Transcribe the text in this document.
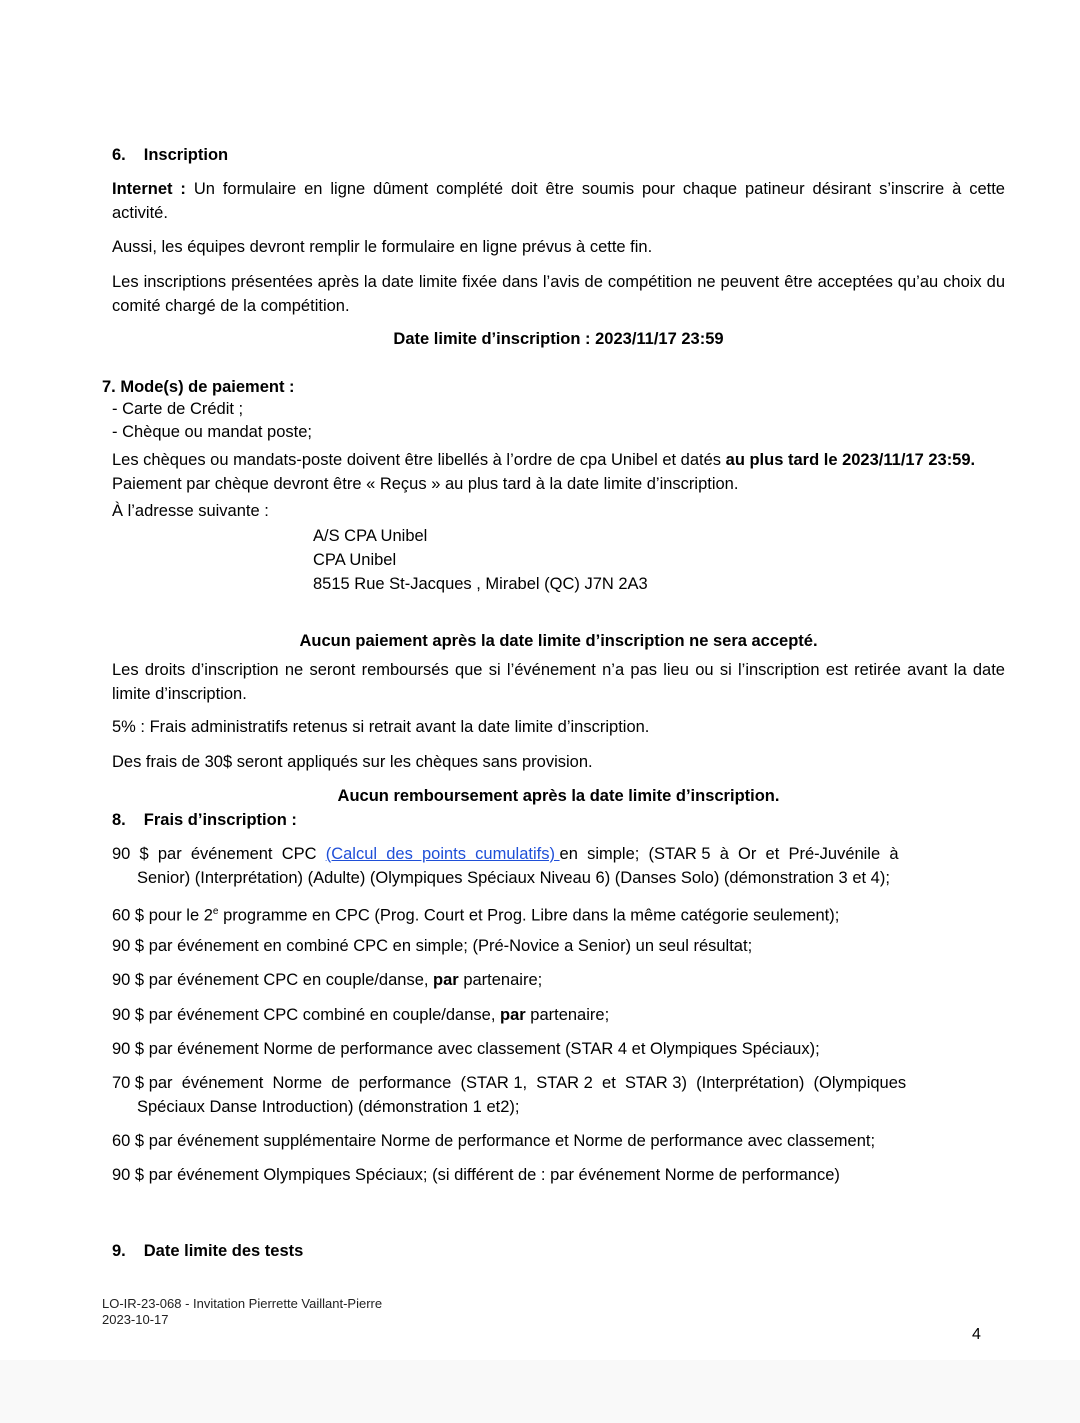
6. Inscription
Internet : Un formulaire en ligne dûment complété doit être soumis pour chaque patineur désirant s’inscrire à cette activité.
Aussi, les équipes devront remplir le formulaire en ligne prévus à cette fin.
Les inscriptions présentées après la date limite fixée dans l’avis de compétition ne peuvent être acceptées qu’au choix du comité chargé de la compétition.
Date limite d’inscription : 2023/11/17 23:59
7. Mode(s) de paiement :
- Carte de Crédit ;
- Chèque ou mandat poste;
Les chèques ou mandats-poste doivent être libellés à l’ordre de cpa Unibel et datés au plus tard le 2023/11/17 23:59. Paiement par chèque devront être « Reçus » au plus tard à la date limite d’inscription.
À l’adresse suivante :
A/S CPA Unibel
CPA Unibel
8515 Rue St-Jacques , Mirabel (QC) J7N 2A3
Aucun paiement après la date limite d’inscription ne sera accepté.
Les droits d’inscription ne seront remboursés que si l’événement n’a pas lieu ou si l’inscription est retirée avant la date limite d’inscription.
5% : Frais administratifs retenus si retrait avant la date limite d’inscription.
Des frais de 30$ seront appliqués sur les chèques sans provision.
Aucun remboursement après la date limite d’inscription.
8. Frais d’inscription :
90  $  par  événement  CPC  (Calcul  des  points  cumulatifs) en  simple;  (STAR 5  à  Or  et  Pré-Juvénile  à
Senior) (Interprétation) (Adulte) (Olympiques Spéciaux Niveau 6) (Danses Solo) (démonstration 3 et 4);
60 $ pour le 2e programme en CPC (Prog. Court et Prog. Libre dans la même catégorie seulement);
90 $ par événement en combiné CPC en simple; (Pré-Novice a Senior) un seul résultat;
90 $ par événement CPC en couple/danse, par partenaire;
90 $ par événement CPC combiné en couple/danse, par partenaire;
90 $ par événement Norme de performance avec classement (STAR 4 et Olympiques Spéciaux);
70 $ par  événement  Norme  de  performance  (STAR 1,  STAR 2  et  STAR 3)  (Interprétation)  (Olympiques
Spéciaux Danse Introduction) (démonstration 1 et2);
60 $ par événement supplémentaire Norme de performance et Norme de performance avec classement;
90 $ par événement Olympiques Spéciaux; (si différent de : par événement Norme de performance)
9. Date limite des tests
LO-IR-23-068 - Invitation Pierrette Vaillant-Pierre
2023-10-17
4
